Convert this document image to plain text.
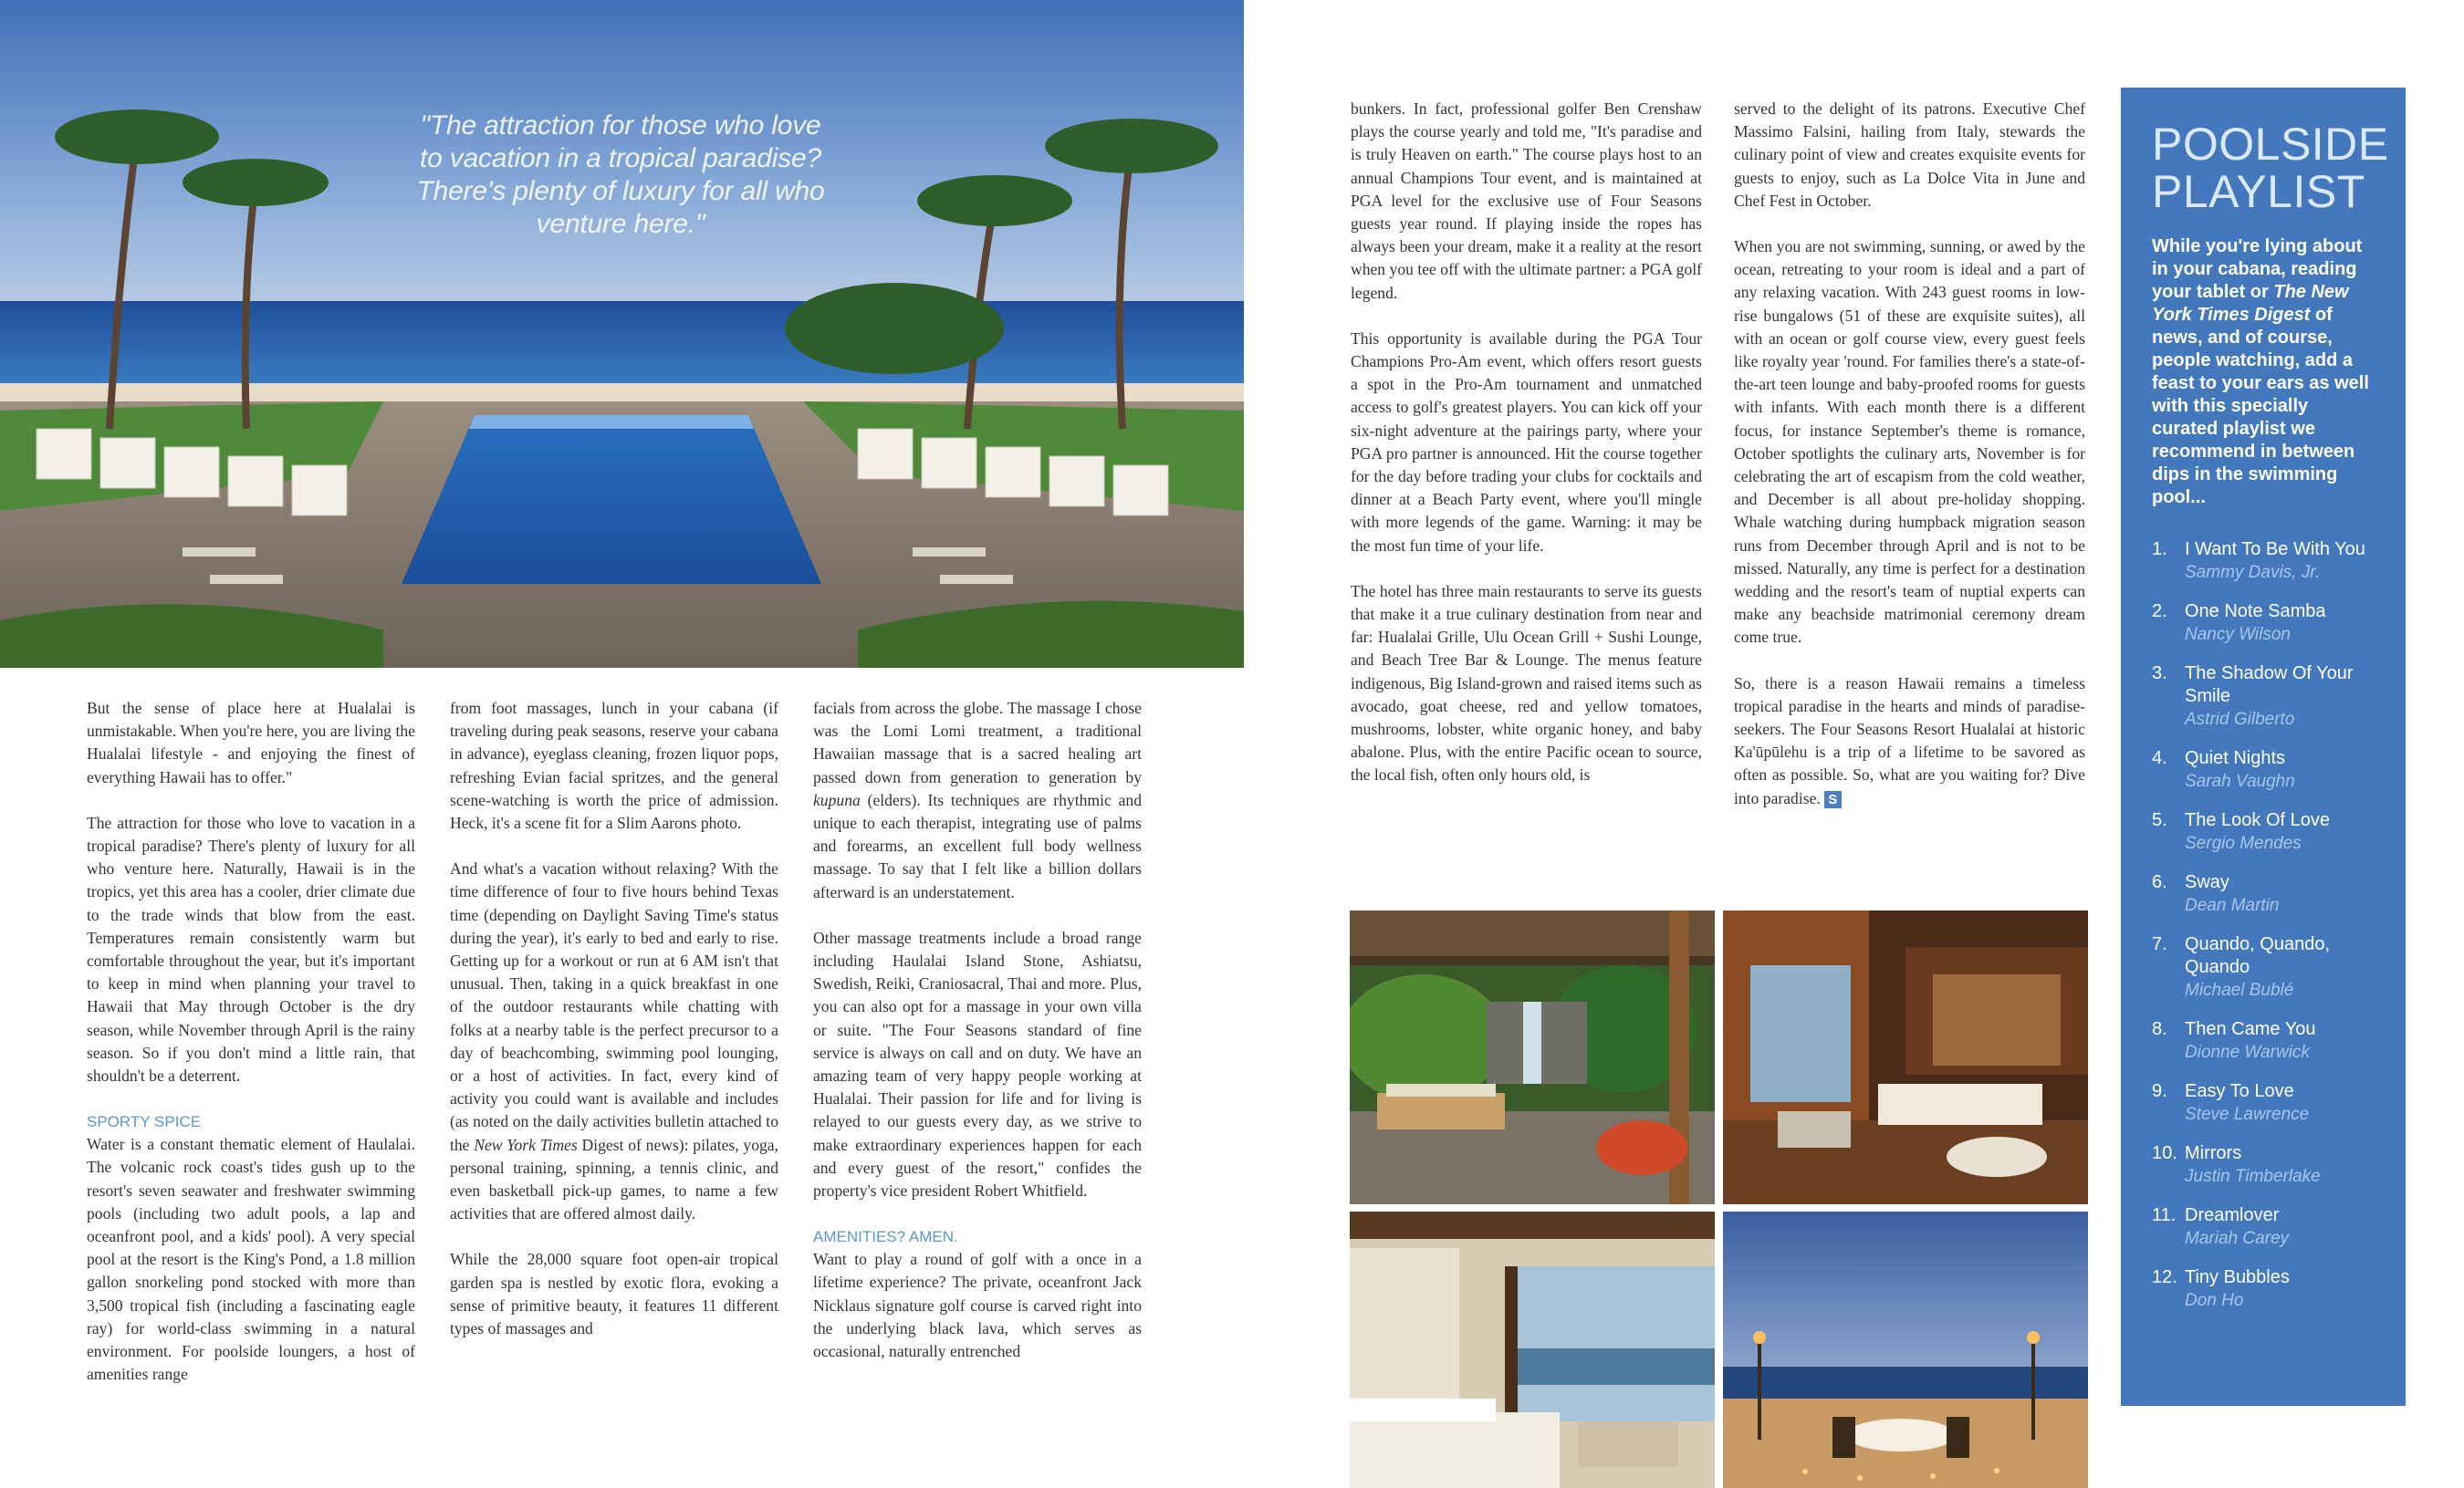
"The attraction for those who love to vacation in a tropical paradise? There's plenty of luxury for all who venture here."

But the sense of place here at Hualalai is unmistakable. When you're here, you are living the Hualalai lifestyle - and enjoying the finest of everything Hawaii has to offer."

The attraction for those who love to vacation in a tropical paradise? There's plenty of luxury for all who venture here. Naturally, Hawaii is in the tropics, yet this area has a cooler, drier climate due to the trade winds that blow from the east. Temperatures remain consistently warm but comfortable throughout the year, but it's important to keep in mind when planning your travel to Hawaii that May through October is the dry season, while November through April is the rainy season. So if you don't mind a little rain, that shouldn't be a deterrent.

SPORTY SPICE

Water is a constant thematic element of Haulalai. The volcanic rock coast's tides gush up to the resort's seven seawater and freshwater swimming pools (including two adult pools, a lap and oceanfront pool, and a kids' pool). A very special pool at the resort is the King's Pond, a 1.8 million gallon snorkeling pond stocked with more than 3,500 tropical fish (including a fascinating eagle ray) for world-class swimming in a natural environment. For poolside loungers, a host of amenities range

from foot massages, lunch in your cabana (if traveling during peak seasons, reserve your cabana in advance), eyeglass cleaning, frozen liquor pops, refreshing Evian facial spritzes, and the general scene-watching is worth the price of admission. Heck, it's a scene fit for a Slim Aarons photo.

And what's a vacation without relaxing? With the time difference of four to five hours behind Texas time (depending on Daylight Saving Time's status during the year), it's early to bed and early to rise. Getting up for a workout or run at 6 AM isn't that unusual. Then, taking in a quick breakfast in one of the outdoor restaurants while chatting with folks at a nearby table is the perfect precursor to a day of beachcombing, swimming pool lounging, or a host of activities. In fact, every kind of activity you could want is available and includes (as noted on the daily activities bulletin attached to the New York Times Digest of news): pilates, yoga, personal training, spinning, a tennis clinic, and even basketball pick-up games, to name a few activities that are offered almost daily.

While the 28,000 square foot open-air tropical garden spa is nestled by exotic flora, evoking a sense of primitive beauty, it features 11 different types of massages and

facials from across the globe. The massage I chose was the Lomi Lomi treatment, a traditional Hawaiian massage that is a sacred healing art passed down from generation to generation by kupuna (elders). Its techniques are rhythmic and unique to each therapist, integrating use of palms and forearms, an excellent full body wellness massage. To say that I felt like a billion dollars afterward is an understatement.

Other massage treatments include a broad range including Haulalai Island Stone, Ashiatsu, Swedish, Reiki, Craniosacral, Thai and more. Plus, you can also opt for a massage in your own villa or suite. "The Four Seasons standard of fine service is always on call and on duty. We have an amazing team of very happy people working at Hualalai. Their passion for life and for living is relayed to our guests every day, as we strive to make extraordinary experiences happen for each and every guest of the resort," confides the property's vice president Robert Whitfield.

AMENITIES? AMEN.

Want to play a round of golf with a once in a lifetime experience? The private, oceanfront Jack Nicklaus signature golf course is carved right into the underlying black lava, which serves as occasional, naturally entrenched

bunkers. In fact, professional golfer Ben Crenshaw plays the course yearly and told me, "It's paradise and is truly Heaven on earth." The course plays host to an annual Champions Tour event, and is maintained at PGA level for the exclusive use of Four Seasons guests year round. If playing inside the ropes has always been your dream, make it a reality at the resort when you tee off with the ultimate partner: a PGA golf legend.

This opportunity is available during the PGA Tour Champions Pro-Am event, which offers resort guests a spot in the Pro-Am tournament and unmatched access to golf's greatest players. You can kick off your six-night adventure at the pairings party, where your PGA pro partner is announced. Hit the course together for the day before trading your clubs for cocktails and dinner at a Beach Party event, where you'll mingle with more legends of the game. Warning: it may be the most fun time of your life.

The hotel has three main restaurants to serve its guests that make it a true culinary destination from near and far: Hualalai Grille, Ulu Ocean Grill + Sushi Lounge, and Beach Tree Bar & Lounge. The menus feature indigenous, Big Island-grown and raised items such as avocado, goat cheese, red and yellow tomatoes, mushrooms, lobster, white organic honey, and baby abalone. Plus, with the entire Pacific ocean to source, the local fish, often only hours old, is

served to the delight of its patrons. Executive Chef Massimo Falsini, hailing from Italy, stewards the culinary point of view and creates exquisite events for guests to enjoy, such as La Dolce Vita in June and Chef Fest in October.

When you are not swimming, sunning, or awed by the ocean, retreating to your room is ideal and a part of any relaxing vacation. With 243 guest rooms in low-rise bungalows (51 of these are exquisite suites), all with an ocean or golf course view, every guest feels like royalty year 'round. For families there's a state-of-the-art teen lounge and baby-proofed rooms for guests with infants. With each month there is a different focus, for instance September's theme is romance, October spotlights the culinary arts, November is for celebrating the art of escapism from the cold weather, and December is all about pre-holiday shopping. Whale watching during humpback migration season runs from December through April and is not to be missed. Naturally, any time is perfect for a destination wedding and the resort's team of nuptial experts can make any beachside matrimonial ceremony dream come true.

So, there is a reason Hawaii remains a timeless tropical paradise in the hearts and minds of paradise-seekers. The Four Seasons Resort Hualalai at historic Ka'ūpūlehu is a trip of a lifetime to be savored as often as possible. So, what are you waiting for? Dive into paradise. S

POOLSIDE
PLAYLIST

While you're lying about in your cabana, reading your tablet or The New York Times Digest of news, and of course, people watching, add a feast to your ears as well with this specially curated playlist we recommend in between dips in the swimming pool...

1. I Want To Be With You
Sammy Davis, Jr.
2. One Note Samba
Nancy Wilson
3. The Shadow Of Your Smile
Astrid Gilberto
4. Quiet Nights
Sarah Vaughn
5. The Look Of Love
Sergio Mendes
6. Sway
Dean Martin
7. Quando, Quando, Quando
Michael Bublé
8. Then Came You
Dionne Warwick
9. Easy To Love
Steve Lawrence
10. Mirrors
Justin Timberlake
11. Dreamlover
Mariah Carey
12. Tiny Bubbles
Don Ho
